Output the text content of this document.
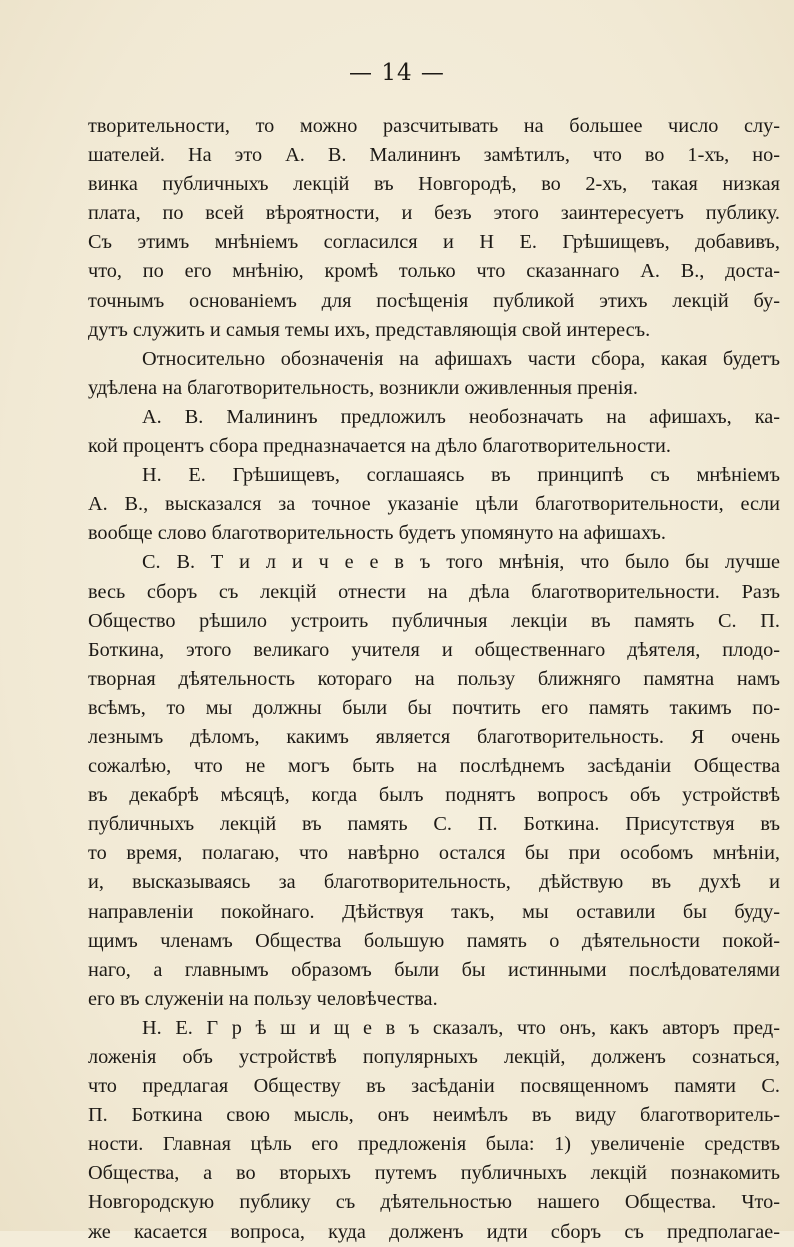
— 14 —
творительности, то можно разсчитывать на большее число слу-
шателей. На это А. В. Малининъ замѣтилъ, что во 1-хъ, но-
винка публичныхъ лекцій въ Новгородѣ, во 2-хъ, такая низкая
плата, по всей вѣроятности, и безъ этого заинтересуетъ публику.
Съ этимъ мнѣніемъ согласился и Н Е. Грѣшищевъ, добавивъ,
что, по его мнѣнію, кромѣ только что сказаннаго А. В., доста-
точнымъ основаніемъ для посѣщенія публикой этихъ лекцій бу-
дутъ служить и самыя темы ихъ, представляющія свой интересъ.
Относительно обозначенія на афишахъ части сбора, какая будетъ
удѣлена на благотворительность, возникли оживленныя пренія.
А. В. Малининъ предложилъ необозначать на афишахъ, ка-
кой процентъ сбора предназначается на дѣло благотворительности.
Н. Е. Грѣшищевъ, соглашаясь въ принципѣ съ мнѣніемъ
А. В., высказался за точное указаніе цѣли благотворительности, если
вообще слово благотворительность будетъ упомянуто на афишахъ.
С. В. Т и л и ч е е в ъ того мнѣнія, что было бы лучше
весь сборъ съ лекцій отнести на дѣла благотворительности. Разъ
Общество рѣшило устроить публичныя лекціи въ память С. П.
Боткина, этого великаго учителя и общественнаго дѣятеля, плодо-
творная дѣятельность котораго на пользу ближняго памятна намъ
всѣмъ, то мы должны были бы почтить его память такимъ по-
лезнымъ дѣломъ, какимъ является благотворительность. Я очень
сожалѣю, что не могъ быть на послѣднемъ засѣданіи Общества
въ декабрѣ мѣсяцѣ, когда былъ поднятъ вопросъ объ устройствѣ
публичныхъ лекцій въ память С. П. Боткина. Присутствуя въ
то время, полагаю, что навѣрно остался бы при особомъ мнѣніи,
и, высказываясь за благотворительность, дѣйствую въ духѣ и
направленіи покойнаго. Дѣйствуя такъ, мы оставили бы буду-
щимъ членамъ Общества большую память о дѣятельности покой-
наго, а главнымъ образомъ были бы истинными послѣдователями
его въ служеніи на пользу человѣчества.
Н. Е. Г р ѣ ш и щ е в ъ сказалъ, что онъ, какъ авторъ пред-
ложенія объ устройствѣ популярныхъ лекцій, долженъ сознаться,
что предлагая Обществу въ засѣданіи посвященномъ памяти С.
П. Боткина свою мысль, онъ неимѣлъ въ виду благотворитель-
ности. Главная цѣль его предложенія была: 1) увеличеніе средствъ
Общества, а во вторыхъ путемъ публичныхъ лекцій познакомить
Новгородскую публику съ дѣятельностью нашего Общества. Что-
же касается вопроса, куда долженъ идти сборъ съ предполагае-
